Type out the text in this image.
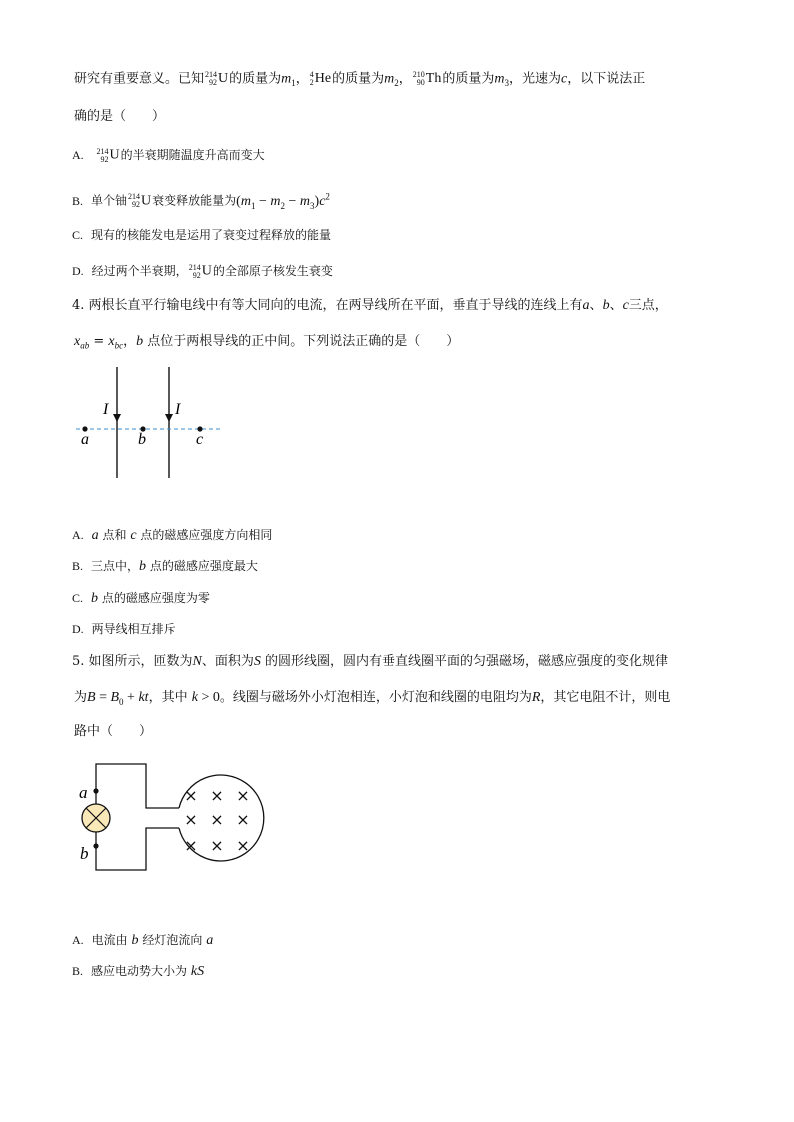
研究有重要意义。已知 214
92 U的质量为$m_1$， 4
2 He的质量为$m_2$， 210
90 Th的质量为$m_3$，光速为c，以下说法正
确的是（　　）
A. 214
92 U的半衰期随温度升高而变大
B. 单个铀 214
92 U衰变释放能量为$(m_1 - m_2 - m_3)c^2$
C. 现有的核能发电是运用了衰变过程释放的能量
D. 经过两个半衰期， 214
92 U的全部原子核发生衰变
4. 两根长直平行输电线中有等大同向的电流，在两导线所在平面，垂直于导线的连线上有a、b、c三点，
$x_{ab} = x_{bc}$，b 点位于两根导线的正中间。下列说法正确的是（　　）
I	I
a	b	c
A. a 点和 c 点的磁感应强度方向相同
B. 三点中，b 点的磁感应强度最大
C. b 点的磁感应强度为零
D. 两导线相互排斥
5. 如图所示，匝数为N、面积为S 的圆形线圈，圆内有垂直线圈平面的匀强磁场，磁感应强度的变化规律
为$B = B_0$ + kt，其中 k > 0。线圈与磁场外小灯泡相连，小灯泡和线圈的电阻均为R，其它电阻不计，则电
路中（　　）
a
b
× × ×
× × ×
× × ×
A. 电流由 b 经灯泡流向 a
B. 感应电动势大小为 kS
